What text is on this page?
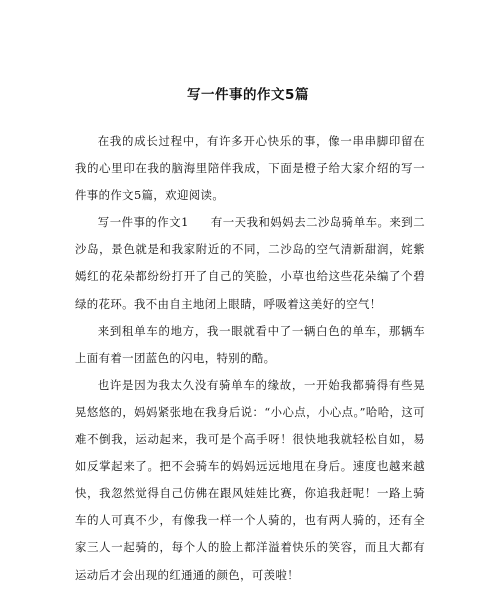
写一件事的作文5篇

在我的成长过程中，有许多开心快乐的事，像一串串脚印留在我的心里印在我的脑海里陪伴我成，下面是橙子给大家介绍的写一件事的作文5篇，欢迎阅读。

写一件事的作文1 有一天我和妈妈去二沙岛骑单车。来到二沙岛，景色就是和我家附近的不同，二沙岛的空气清新甜润，姹紫嫣红的花朵都纷纷打开了自己的笑脸，小草也给这些花朵编了个碧绿的花环。我不由自主地闭上眼睛，呼吸着这美好的空气！

来到租单车的地方，我一眼就看中了一辆白色的单车，那辆车上面有着一团蓝色的闪电，特别的酷。

也许是因为我太久没有骑单车的缘故，一开始我都骑得有些晃晃悠悠的，妈妈紧张地在我身后说：“小心点，小心点。”哈哈，这可难不倒我，运动起来，我可是个高手呀！很快地我就轻松自如，易如反掌起来了。把不会骑车的妈妈远远地甩在身后。速度也越来越快，我忽然觉得自己仿佛在跟风娃娃比赛，你追我赶呢！一路上骑车的人可真不少，有像我一样一个人骑的，也有两人骑的，还有全家三人一起骑的，每个人的脸上都洋溢着快乐的笑容，而且大都有运动后才会出现的红通通的颜色，可羡啦！
